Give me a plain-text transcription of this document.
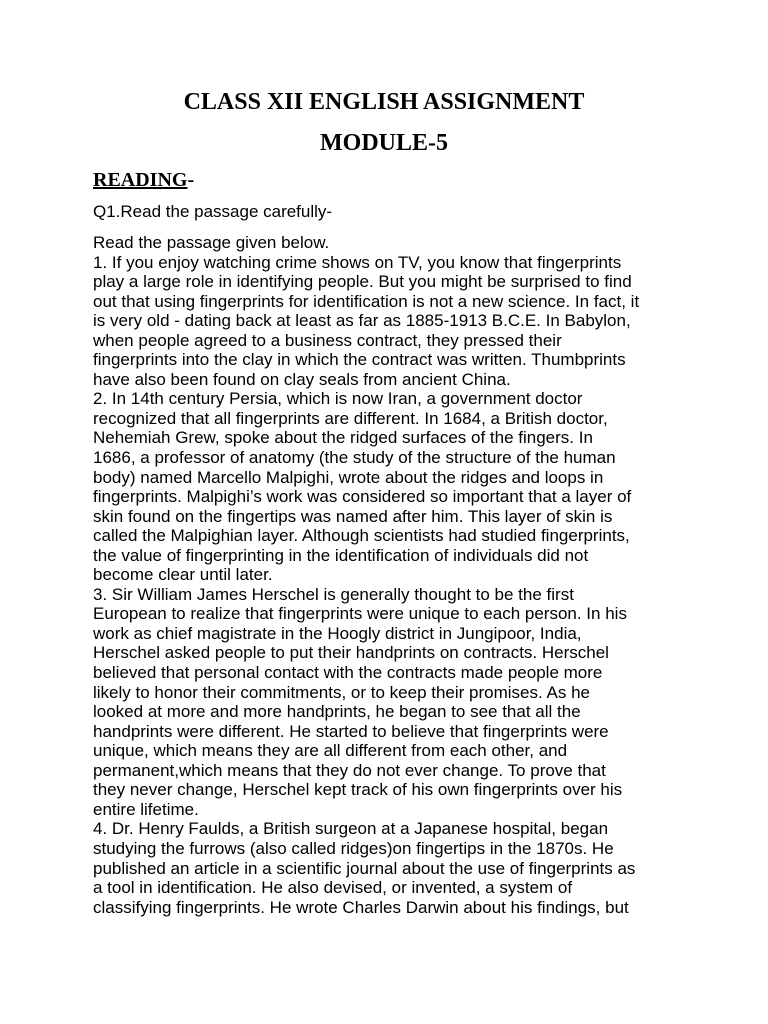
CLASS XII ENGLISH ASSIGNMENT
MODULE-5
READING-

Q1.Read the passage carefully-

Read the passage given below.

1. If you enjoy watching crime shows on TV, you know that fingerprints

play a large role in identifying people. But you might be surprised to find

out that using fingerprints for identification is not a new science. In fact, it

is very old - dating back at least as far as 1885-1913 B.C.E. In Babylon,

when people agreed to a business contract, they pressed their

fingerprints into the clay in which the contract was written. Thumbprints

have also been found on clay seals from ancient China.

2. In 14th century Persia, which is now Iran, a government doctor

recognized that all fingerprints are different. In 1684, a British doctor,

Nehemiah Grew, spoke about the ridged surfaces of the fingers. In

1686, a professor of anatomy (the study of the structure of the human

body) named Marcello Malpighi, wrote about the ridges and loops in

fingerprints. Malpighi’s work was considered so important that a layer of

skin found on the fingertips was named after him. This layer of skin is

called the Malpighian layer. Although scientists had studied fingerprints,

the value of fingerprinting in the identification of individuals did not

become clear until later.

3. Sir William James Herschel is generally thought to be the first

European to realize that fingerprints were unique to each person. In his

work as chief magistrate in the Hoogly district in Jungipoor, India,

Herschel asked people to put their handprints on contracts. Herschel

believed that personal contact with the contracts made people more

likely to honor their commitments, or to keep their promises. As he

looked at more and more handprints, he began to see that all the

handprints were different. He started to believe that fingerprints were

unique, which means they are all different from each other, and

permanent,which means that they do not ever change. To prove that

they never change, Herschel kept track of his own fingerprints over his

entire lifetime.

4. Dr. Henry Faulds, a British surgeon at a Japanese hospital, began

studying the furrows (also called ridges)on fingertips in the 1870s. He

published an article in a scientific journal about the use of fingerprints as

a tool in identification. He also devised, or invented, a system of

classifying fingerprints. He wrote Charles Darwin about his findings, but
